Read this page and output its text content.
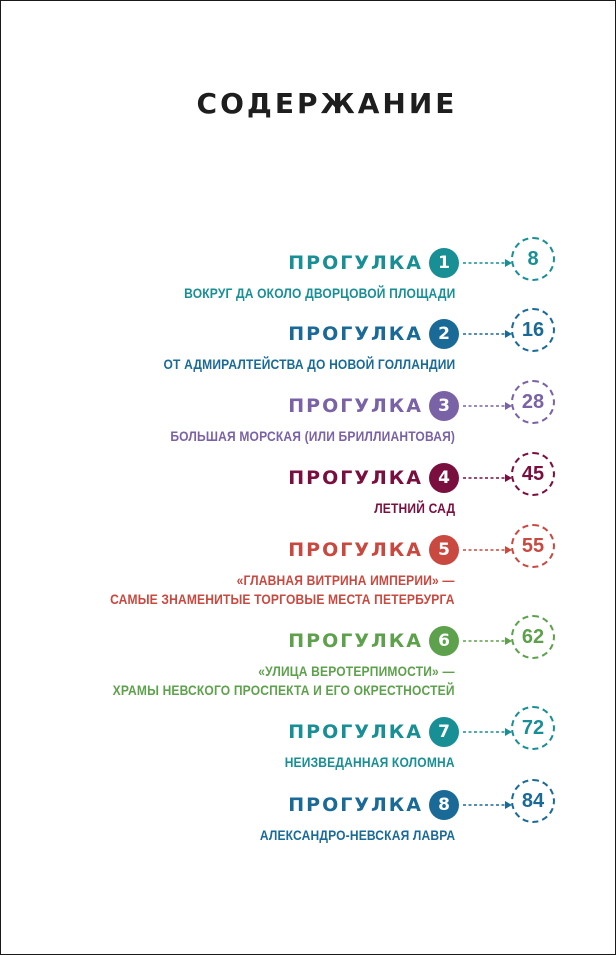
СОДЕРЖАНИЕ
ПРОГУЛКА 1	8
ВОКРУГ ДА ОКОЛО ДВОРЦОВОЙ ПЛОЩАДИ
ПРОГУЛКА 2	16
ОТ АДМИРАЛТЕЙСТВА ДО НОВОЙ ГОЛЛАНДИИ
ПРОГУЛКА 3	28
БОЛЬШАЯ МОРСКАЯ (ИЛИ БРИЛЛИАНТОВАЯ)
ПРОГУЛКА 4	45
ЛЕТНИЙ САД
ПРОГУЛКА 5	55
«ГЛАВНАЯ ВИТРИНА ИМПЕРИИ» —
САМЫЕ ЗНАМЕНИТЫЕ ТОРГОВЫЕ МЕСТА ПЕТЕРБУРГА
ПРОГУЛКА 6	62
«УЛИЦА ВЕРОТЕРПИМОСТИ» —
ХРАМЫ НЕВСКОГО ПРОСПЕКТА И ЕГО ОКРЕСТНОСТЕЙ
ПРОГУЛКА 7	72
НЕИЗВЕДАННАЯ КОЛОМНА
ПРОГУЛКА 8	84
АЛЕКСАНДРО-НЕВСКАЯ ЛАВРА
